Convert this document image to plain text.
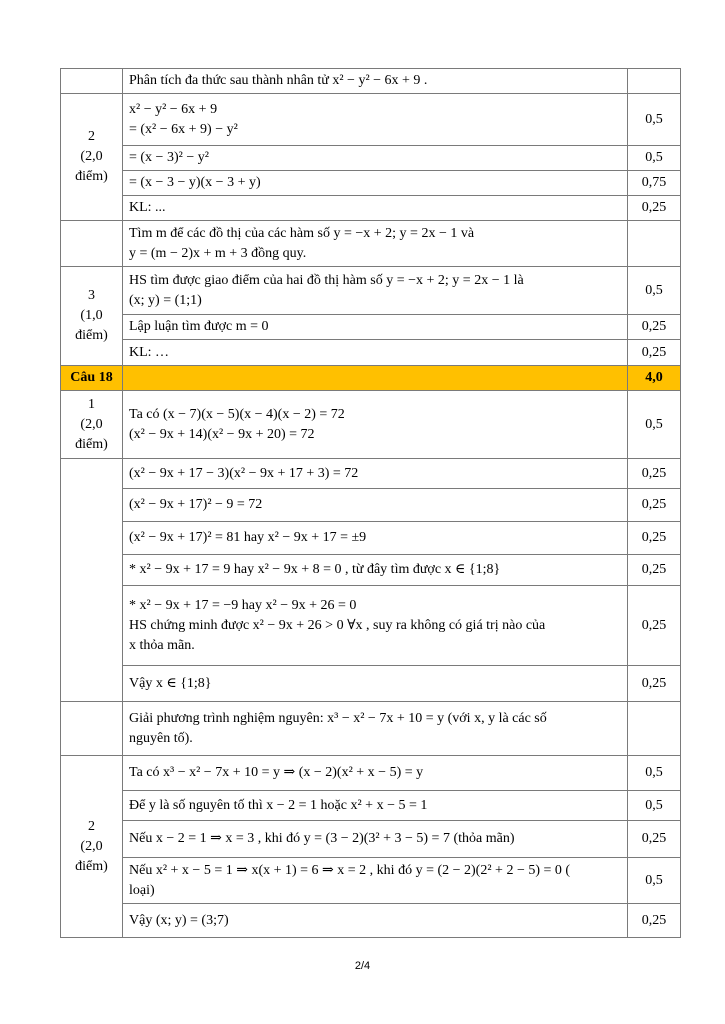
	Phân tích đa thức sau thành nhân tử x² − y² − 6x + 9 .	

2
(2,0
điểm)	x² − y² − 6x + 9
= (x² − 6x + 9) − y²	0,5

	= (x − 3)² − y²	0,5

	= (x − 3 − y)(x − 3 + y)	0,75

	KL: ...	0,25

	Tìm m để các đồ thị của các hàm số y = −x + 2; y = 2x − 1 và
y = (m − 2)x + m + 3 đồng quy.	

3
(1,0
điểm)	HS tìm được giao điểm của hai đồ thị hàm số y = −x + 2; y = 2x − 1 là
(x; y) = (1;1)	0,5

	Lập luận tìm được m = 0	0,25

	KL: …	0,25

Câu 18		4,0

1
(2,0
điểm)	Ta có (x − 7)(x − 5)(x − 4)(x − 2) = 72
(x² − 9x + 14)(x² − 9x + 20) = 72	0,5

	(x² − 9x + 17 − 3)(x² − 9x + 17 + 3) = 72	0,25

	(x² − 9x + 17)² − 9 = 72	0,25

	(x² − 9x + 17)² = 81 hay x² − 9x + 17 = ±9	0,25

	* x² − 9x + 17 = 9 hay x² − 9x + 8 = 0 , từ đây tìm được x ∈ {1;8}	0,25

	* x² − 9x + 17 = −9 hay x² − 9x + 26 = 0
HS chứng minh được x² − 9x + 26 > 0 ∀x , suy ra không có giá trị nào của
x thỏa mãn.	0,25

	Vậy x ∈ {1;8}	0,25

	Giải phương trình nghiệm nguyên: x³ − x² − 7x + 10 = y (với x, y là các số
nguyên tố).	

2
(2,0
điểm)	Ta có x³ − x² − 7x + 10 = y ⇒ (x − 2)(x² + x − 5) = y	0,5

	Để y là số nguyên tố thì x − 2 = 1 hoặc x² + x − 5 = 1	0,5

	Nếu x − 2 = 1 ⇒ x = 3 , khi đó y = (3 − 2)(3² + 3 − 5) = 7 (thỏa mãn)	0,25

	Nếu x² + x − 5 = 1 ⇒ x(x + 1) = 6 ⇒ x = 2 , khi đó y = (2 − 2)(2² + 2 − 5) = 0 (
loại)	0,5

	Vậy (x; y) = (3;7)	0,25
2/4
